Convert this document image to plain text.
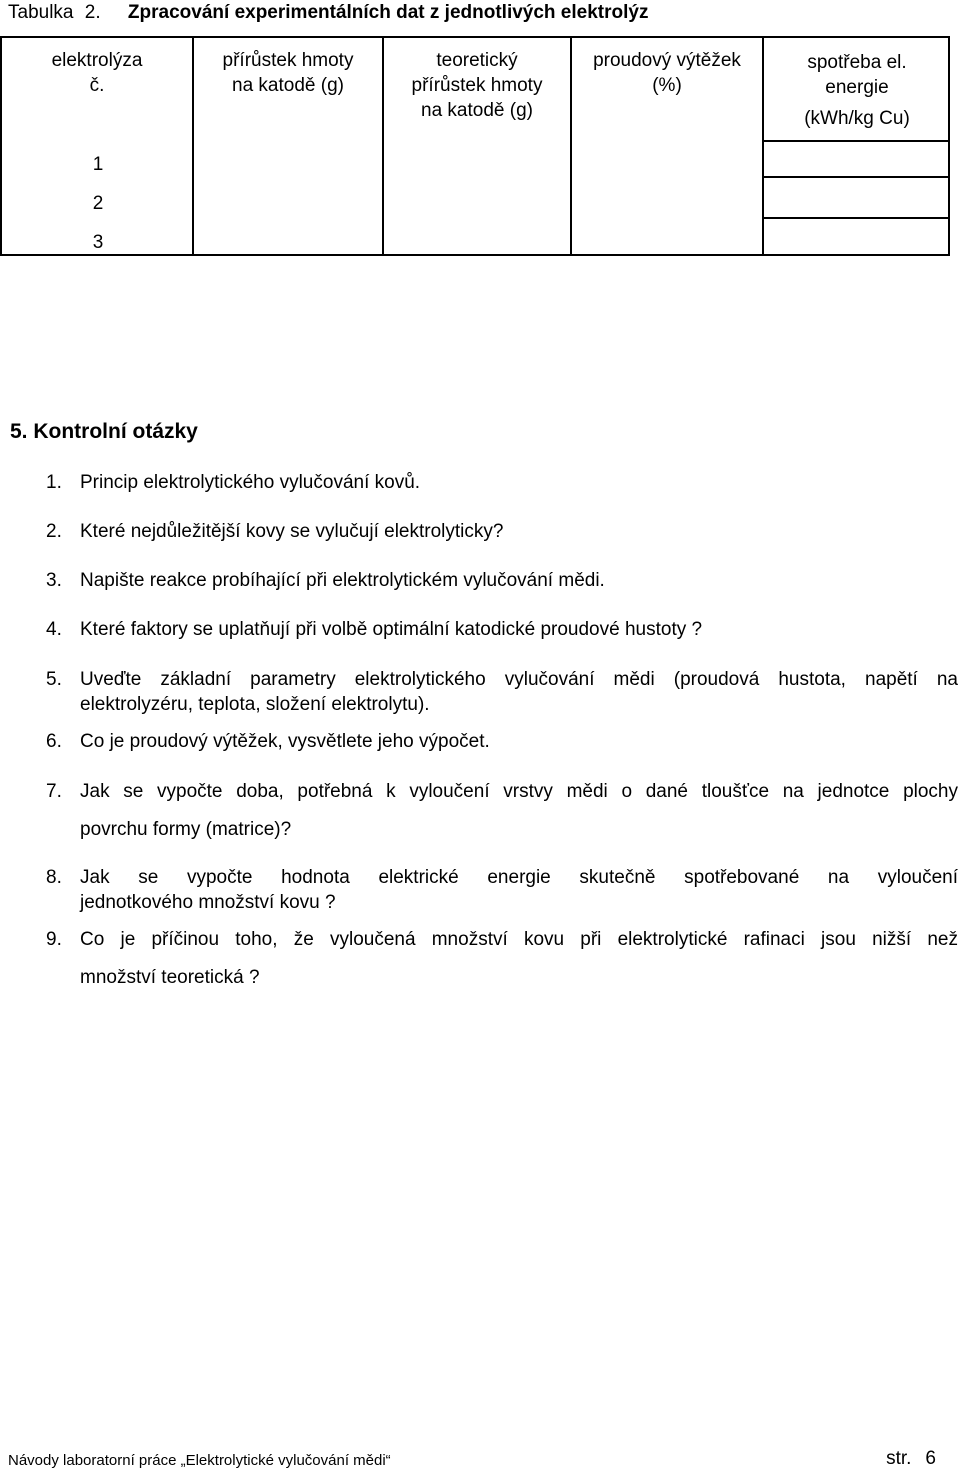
Tabulka 2. Zpracování experimentálních dat z jednotlivých elektrolýz
elektrolýza
č.
přírůstek hmoty
na katodě (g)
teoretický
přírůstek hmoty
na katodě (g)
proudový výtěžek
(%)
spotřeba el.
energie
(kWh/kg Cu)
1
2
3
5. Kontrolní otázky
1. Princip elektrolytického vylučování kovů.
2. Které nejdůležitější kovy se vylučují elektrolyticky?
3. Napište reakce probíhající při elektrolytickém vylučování mědi.
4. Které faktory se uplatňují při volbě optimální katodické proudové hustoty ?
5. Uveďte základní parametry elektrolytického vylučování mědi (proudová hustota, napětí na
elektrolyzéru, teplota, složení elektrolytu).
6. Co je proudový výtěžek, vysvětlete jeho výpočet.
7. Jak se vypočte doba, potřebná k vyloučení vrstvy mědi o dané tloušťce na jednotce plochy
povrchu formy (matrice)?
8. Jak se vypočte hodnota elektrické energie skutečně spotřebované na vyloučení
jednotkového množství kovu ?
9. Co je příčinou toho, že vyloučená množství kovu při elektrolytické rafinaci jsou nižší než
množství teoretická ?
Návody laboratorní práce „Elektrolytické vylučování mědi“	str. 6
